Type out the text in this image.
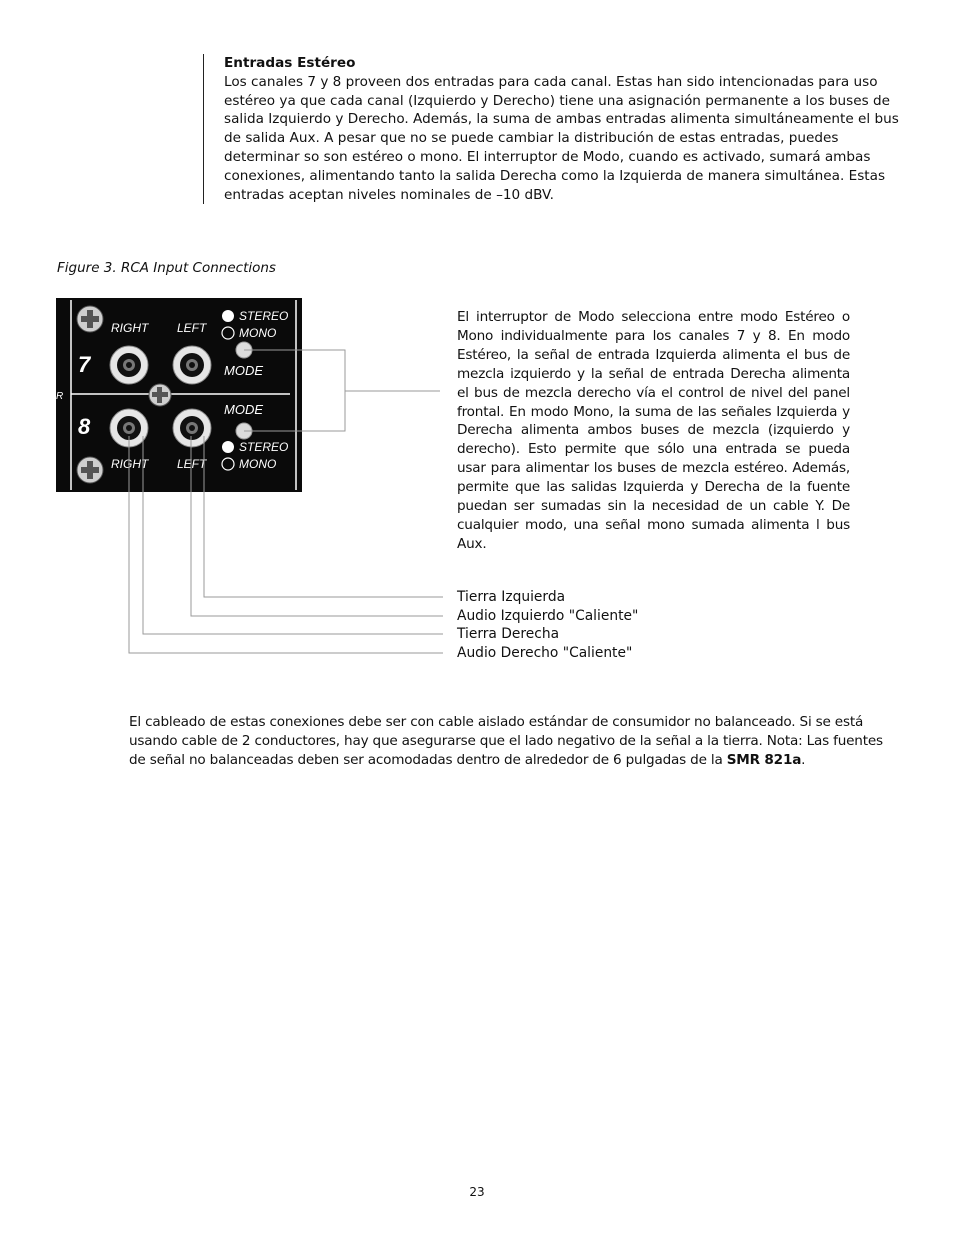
Entradas Estéreo

Los canales 7 y 8 proveen dos entradas para cada canal. Estas han sido intencionadas para uso estéreo ya que cada canal (Izquierdo y Derecho) tiene una asignación permanente a los buses de salida Izquierdo y Derecho. Además, la suma de ambas entradas alimenta simultáneamente el bus de salida Aux. A pesar que no se puede cambiar la distribución de estas entradas, puedes determinar so son estéreo o mono. El interruptor de Modo, cuando es activado, sumará ambas conexiones, alimentando tanto la salida Derecha como la Izquierda de manera simultánea. Estas entradas aceptan niveles nominales de –10 dBV.

Figure 3. RCA Input Connections
7
8
R
RIGHT LEFT
RIGHT LEFT
STEREO
MONO
MODE
MODE
STEREO
MONO
El interruptor de Modo selecciona entre modo Estéreo o Mono individualmente para los canales 7 y 8. En modo Estéreo, la señal de entrada Izquierda alimenta el bus de mezcla izquierdo y la señal de entrada Derecha alimenta el bus de mezcla derecho vía el control de nivel del panel frontal. En modo Mono, la suma de las señales Izquierda y Derecha alimenta ambos buses de mezcla (izquierdo y derecho). Esto permite que sólo una entrada se pueda usar para alimentar los buses de mezcla estéreo. Además, permite que las salidas Izquierda y Derecha de la fuente puedan ser sumadas sin la necesidad de un cable Y. De cualquier modo, una señal mono sumada alimenta l bus Aux.
Tierra Izquierda
Audio Izquierdo "Caliente"
Tierra Derecha
Audio Derecho "Caliente"
El cableado de estas conexiones debe ser con cable aislado estándar de consumidor no balanceado. Si se está usando cable de 2 conductores, hay que asegurarse que el lado negativo de la señal a la tierra. Nota: Las fuentes de señal no balanceadas deben ser acomodadas dentro de alrededor de 6 pulgadas de la SMR 821a.
23
